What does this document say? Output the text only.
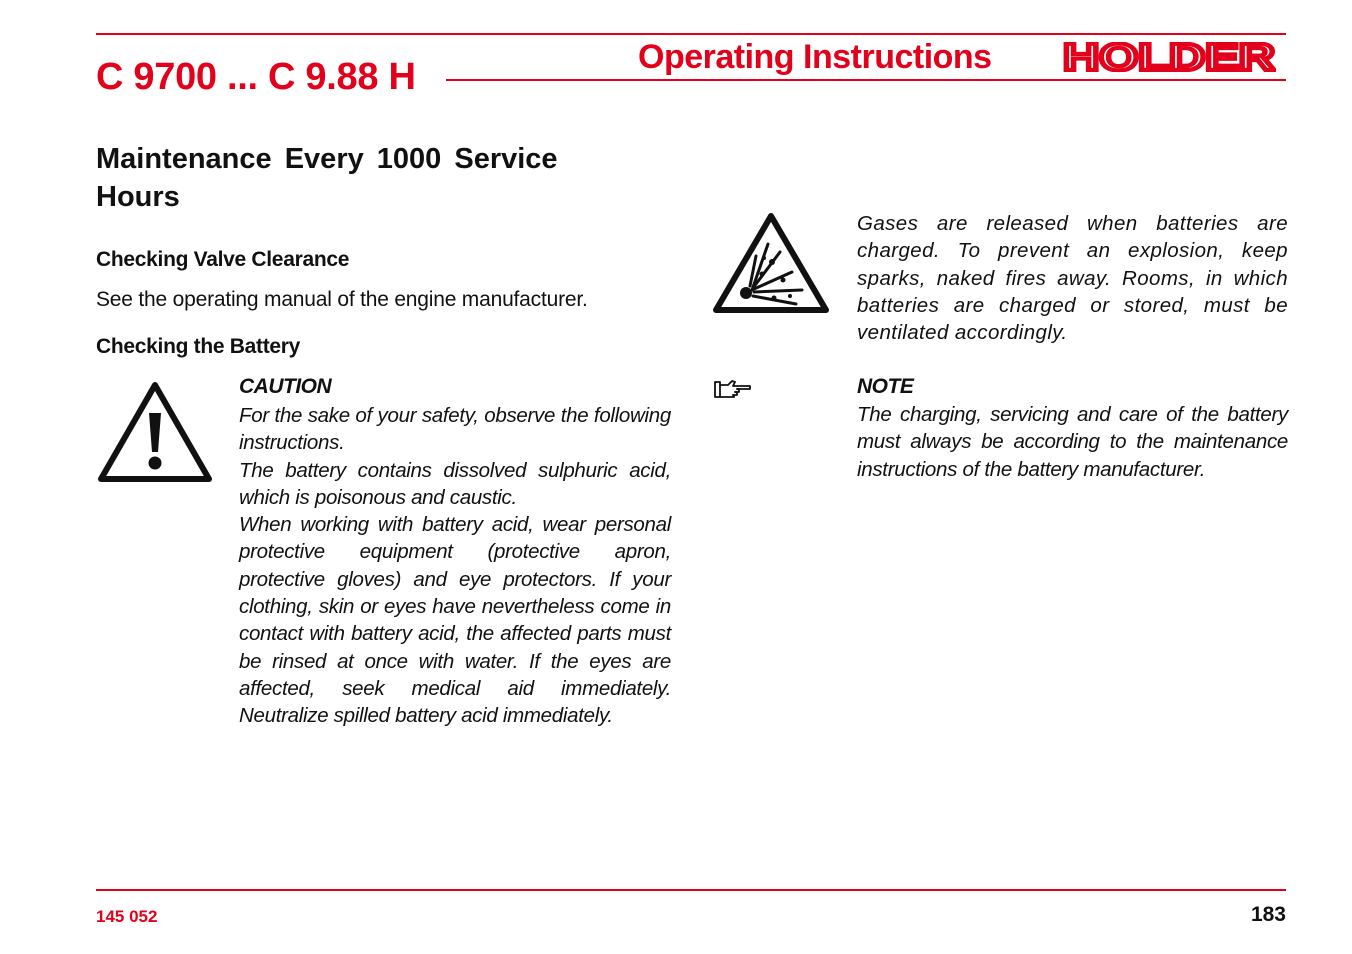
C 9700 ... C 9.88 H	Operating Instructions HOLDER
Maintenance Every 1000 Service Hours
Checking Valve Clearance
See the operating manual of the engine manufacturer.
Checking the Battery
CAUTION
For the sake of your safety, observe the following instructions.
The battery contains dissolved sulphuric acid, which is poisonous and caustic.
When working with battery acid, wear personal protective equipment (protective apron, protective gloves) and eye protectors. If your clothing, skin or eyes have nevertheless come in contact with battery acid, the affected parts must be rinsed at once with water. If the eyes are affected, seek medical aid immediately. Neutralize spilled battery acid immediately.
Gases are released when batteries are charged. To prevent an explosion, keep sparks, naked fires away. Rooms, in which batteries are charged or stored, must be ventilated accordingly.
NOTE
The charging, servicing and care of the battery must always be according to the maintenance instructions of the battery manufacturer.
145 052	183
